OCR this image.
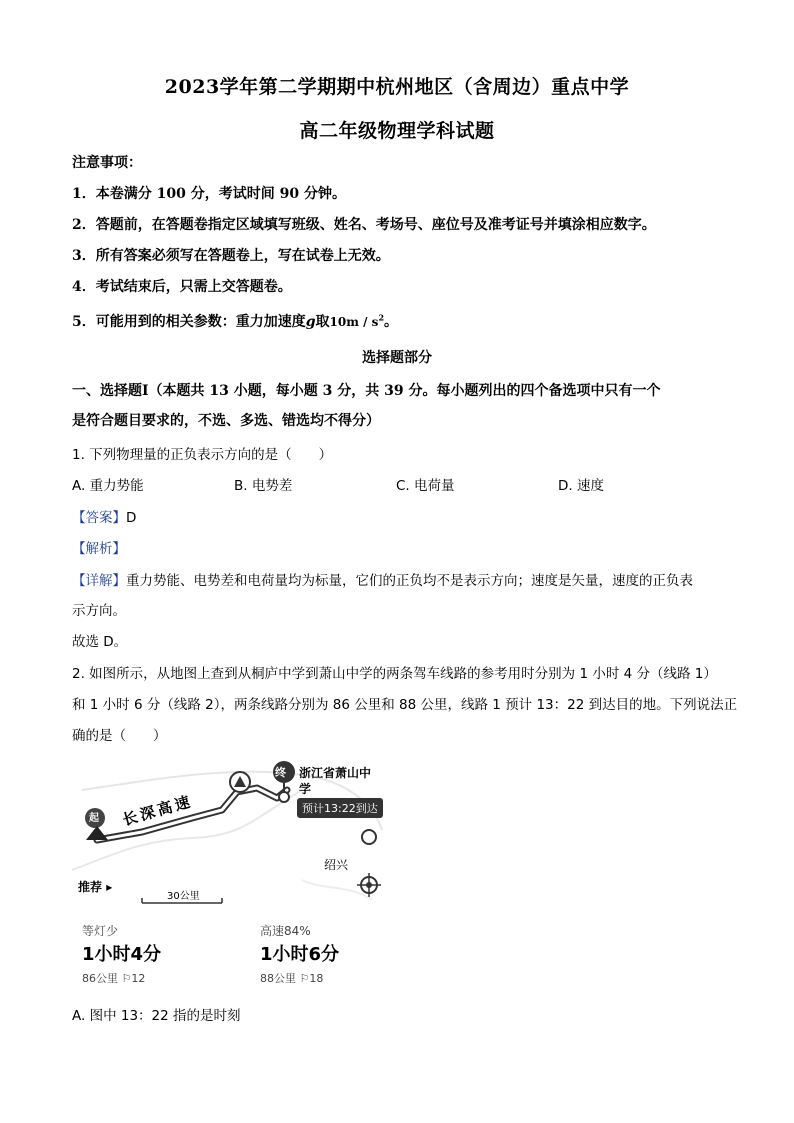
2023学年第二学期期中杭州地区（含周边）重点中学
高二年级物理学科试题
注意事项：
1．本卷满分 100 分，考试时间 90 分钟。
2．答题前，在答题卷指定区域填写班级、姓名、考场号、座位号及准考证号并填涂相应数字。
3．所有答案必须写在答题卷上，写在试卷上无效。
4．考试结束后，只需上交答题卷。
5．可能用到的相关参数：重力加速度g取$10m / s^2$。
选择题部分
一、选择题Ⅰ（本题共 13 小题，每小题 3 分，共 39 分。每小题列出的四个备选项中只有一个
是符合题目要求的，不选、多选、错选均不得分）
1. 下列物理量的正负表示方向的是（　　）
A. 重力势能	B. 电势差	C. 电荷量	D. 速度
【答案】D
【解析】
【详解】重力势能、电势差和电荷量均为标量，它们的正负均不是表示方向；速度是矢量，速度的正负表
示方向。
故选 D。
2. 如图所示，从地图上查到从桐庐中学到萧山中学的两条驾车线路的参考用时分别为 1 小时 4 分（线路 1）
和 1 小时 6 分（线路 2），两条线路分别为 86 公里和 88 公里，线路 1 预计 13：22 到达目的地。下列说法正
确的是（　　）
终
起
浙江省萧山中
学
预计13:22到达
长深高速
绍兴
推荐 ▸
30公里
等灯少
1小时4分
86公里 ⚐12
高速84%
1小时6分
88公里 ⚐18
A. 图中 13：22 指的是时刻
